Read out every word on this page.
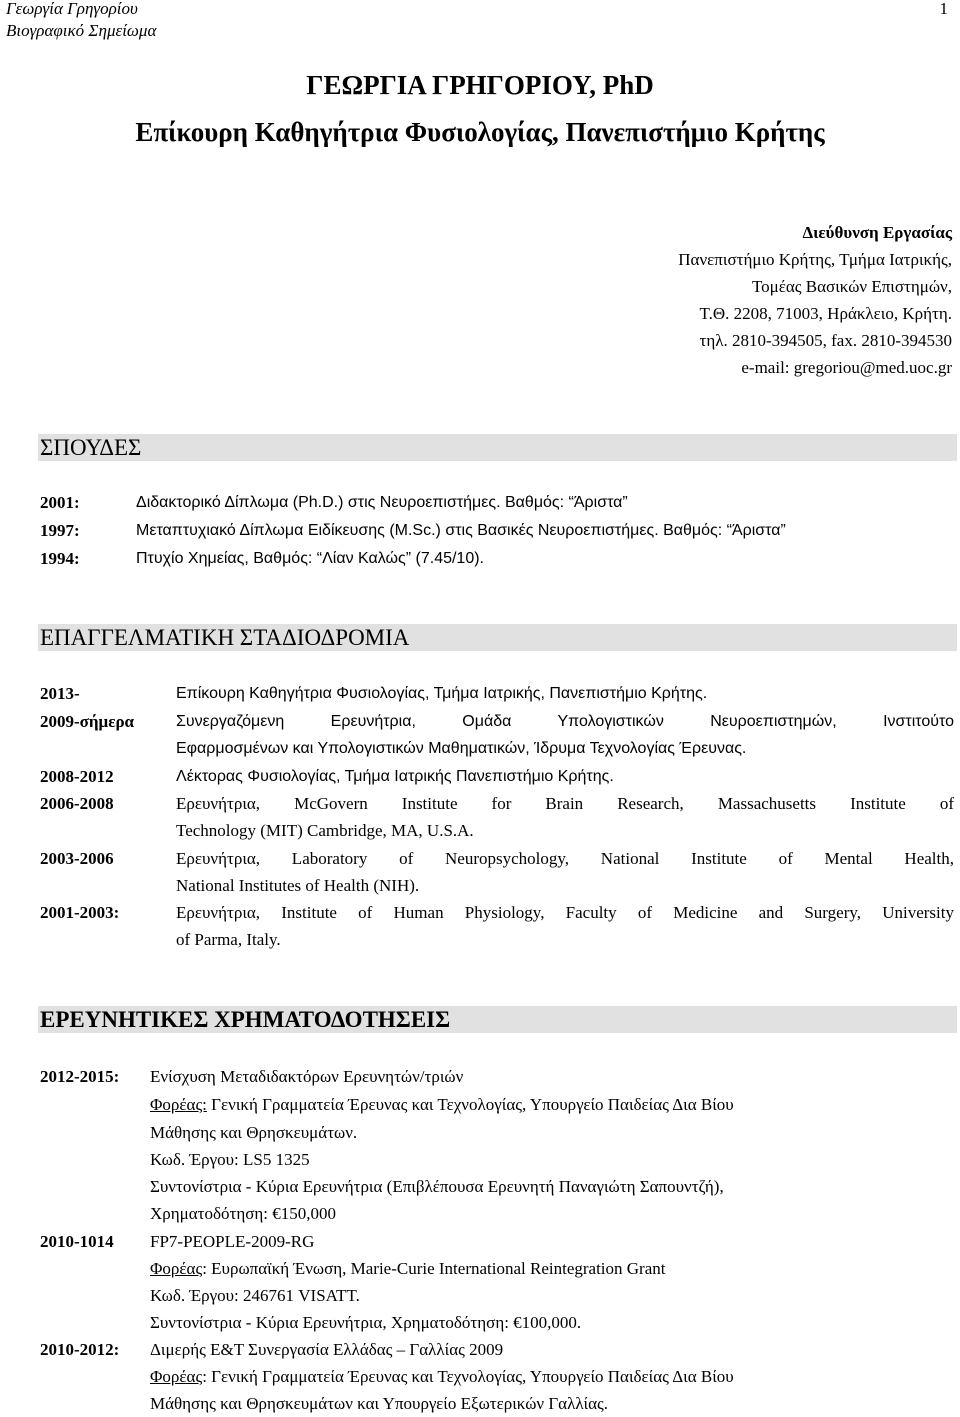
Γεωργία Γρηγορίου
Βιογραφικό Σημείωμα
1
ΓΕΩΡΓΙΑ ΓΡΗΓΟΡΙΟΥ, PhD
Επίκουρη Καθηγήτρια Φυσιολογίας, Πανεπιστήμιο Κρήτης
Διεύθυνση Εργασίας
Πανεπιστήμιο Κρήτης, Τμήμα Ιατρικής,
Τομέας Βασικών Επιστημών,
Τ.Θ. 2208, 71003, Ηράκλειο, Κρήτη.
τηλ. 2810-394505, fax. 2810-394530
e-mail: gregoriou@med.uoc.gr
ΣΠΟΥΔΕΣ
2001:	Διδακτορικό Δίπλωμα (Ph.D.) στις Νευροεπιστήμες. Βαθμός: “Άριστα”
1997:	Μεταπτυχιακό Δίπλωμα Ειδίκευσης (M.Sc.) στις Βασικές Νευροεπιστήμες. Βαθμός: “Άριστα”
1994:	Πτυχίο Χημείας, Βαθμός: “Λίαν Καλώς” (7.45/10).
ΕΠΑΓΓΕΛΜΑΤΙΚΗ ΣΤΑΔΙΟΔΡΟΜΙΑ
2013-	Επίκουρη Καθηγήτρια Φυσιολογίας, Τμήμα Ιατρικής, Πανεπιστήμιο Κρήτης.
2009-σήμερα	Συνεργαζόμενη Ερευνήτρια, Ομάδα Υπολογιστικών Νευροεπιστημών, Ινστιτούτο
Εφαρμοσμένων και Υπολογιστικών Μαθηματικών, Ίδρυμα Τεχνολογίας Έρευνας.
2008-2012	Λέκτορας Φυσιολογίας, Τμήμα Ιατρικής Πανεπιστήμιο Κρήτης.
2006-2008	Ερευνήτρια, McGovern Institute for Brain Research, Massachusetts Institute of
Technology (MIT) Cambridge, MA, U.S.A.
2003-2006	Ερευνήτρια, Laboratory of Neuropsychology, National Institute of Mental Health,
National Institutes of Health (NIH).
2001-2003:	Ερευνήτρια, Institute of Human Physiology, Faculty of Medicine and Surgery, University
of Parma, Italy.
ΕΡΕΥΝΗΤΙΚΕΣ ΧΡΗΜΑΤΟΔΟΤΗΣΕΙΣ
2012-2015: Ενίσχυση Μεταδιδακτόρων Ερευνητών/τριών
Φορέας: Γενική Γραμματεία Έρευνας και Τεχνολογίας, Υπουργείο Παιδείας Δια Βίου
Μάθησης και Θρησκευμάτων.
Κωδ. Έργου: LS5 1325
Συντονίστρια - Κύρια Ερευνήτρια (Επιβλέπουσα Ερευνητή Παναγιώτη Σαπουντζή),
Χρηματοδότηση: €150,000
2010-1014 FP7-PEOPLE-2009-RG
Φορέας: Ευρωπαϊκή Ένωση, Marie-Curie International Reintegration Grant
Κωδ. Έργου: 246761 VISATT.
Συντονίστρια - Κύρια Ερευνήτρια, Χρηματοδότηση: €100,000.
2010-2012: Διμερής Ε&Τ Συνεργασία Ελλάδας – Γαλλίας 2009
Φορέας: Γενική Γραμματεία Έρευνας και Τεχνολογίας, Υπουργείο Παιδείας Δια Βίου
Μάθησης και Θρησκευμάτων και Υπουργείο Εξωτερικών Γαλλίας.
